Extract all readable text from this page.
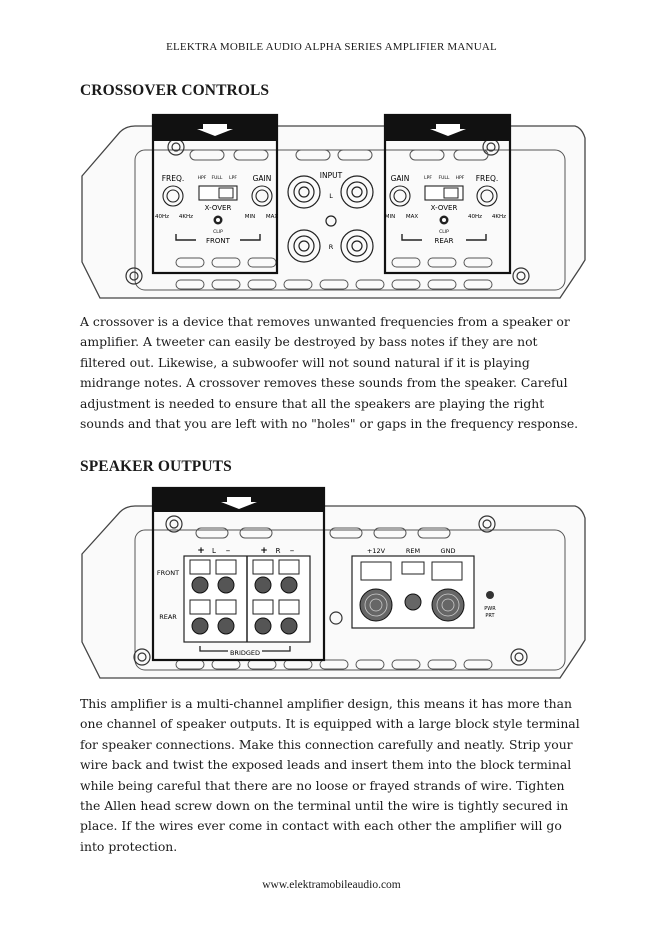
ELEKTRA MOBILE AUDIO ALPHA SERIES AMPLIFIER MANUAL
CROSSOVER CONTROLS
FREQ.	GAIN
40Hz 4KHz	MIN MAX
HPF FULL LPF
X-OVER
CLIP
FRONT
INPUT
L
R
GAIN	FREQ.
MIN MAX	40Hz 4KHz
LPF FULL HPF
X-OVER
CLIP
REAR
A crossover is a device that removes unwanted frequencies from a speaker or amplifier. A tweeter can easily be destroyed by bass notes if they are not filtered out. Likewise, a subwoofer will not sound natural if it is playing midrange notes. A crossover removes these sounds from the speaker. Careful adjustment is needed to ensure that all the speakers are playing the right sounds and that you are left with no "holes" or gaps in the frequency response.
SPEAKER OUTPUTS
+ L –	+ R –
FRONT
REAR
BRIDGED
+12V	REM	GND
PWR
PRT
This amplifier is a multi-channel amplifier design, this means it has more than one channel of speaker outputs. It is equipped with a large block style terminal for speaker connections. Make this connection carefully and neatly. Strip your wire back and twist the exposed leads and insert them into the block terminal while being careful that there are no loose or frayed strands of wire. Tighten the Allen head screw down on the terminal until the wire is tightly secured in place. If the wires ever come in contact with each other the amplifier will go into protection.
www.elektramobileaudio.com
